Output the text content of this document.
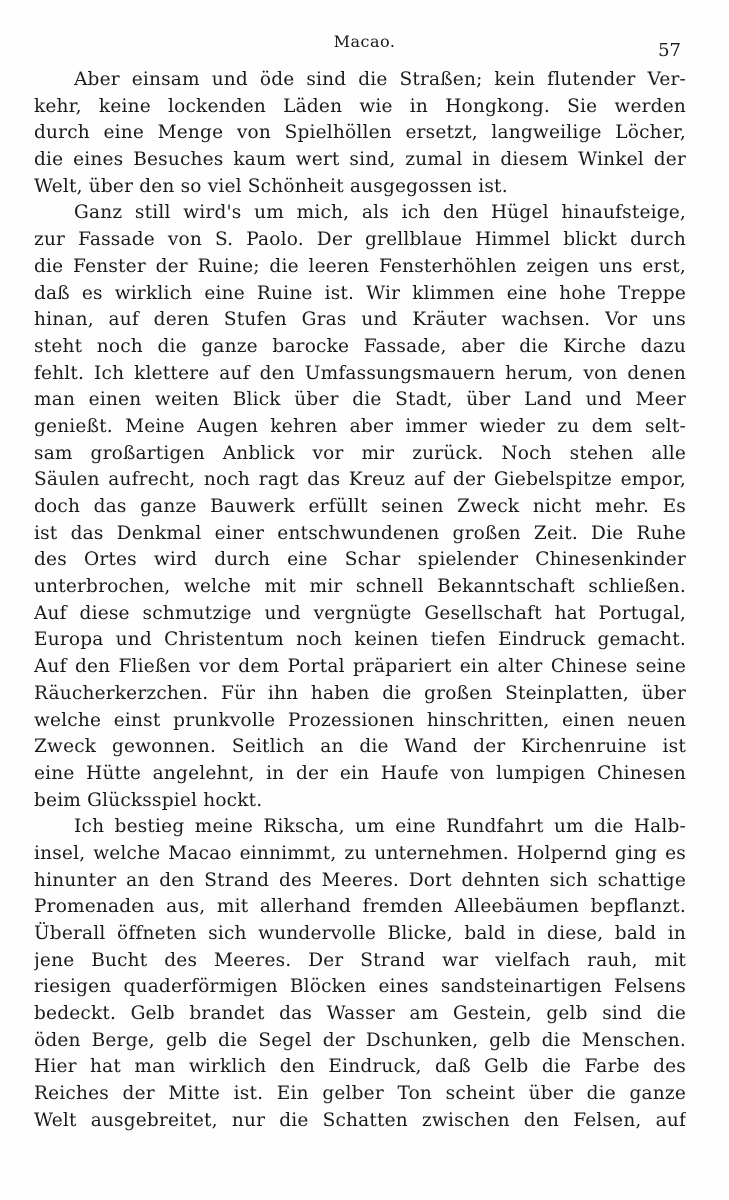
Macao.	57
Aber einsam und öde sind die Straßen; kein flutender Ver-
kehr, keine lockenden Läden wie in Hongkong. Sie werden
durch eine Menge von Spielhöllen ersetzt, langweilige Löcher,
die eines Besuches kaum wert sind, zumal in diesem Winkel der
Welt, über den so viel Schönheit ausgegossen ist.
Ganz still wird's um mich, als ich den Hügel hinaufsteige,
zur Fassade von S. Paolo. Der grellblaue Himmel blickt durch
die Fenster der Ruine; die leeren Fensterhöhlen zeigen uns erst,
daß es wirklich eine Ruine ist. Wir klimmen eine hohe Treppe
hinan, auf deren Stufen Gras und Kräuter wachsen. Vor uns
steht noch die ganze barocke Fassade, aber die Kirche dazu
fehlt. Ich klettere auf den Umfassungsmauern herum, von denen
man einen weiten Blick über die Stadt, über Land und Meer
genießt. Meine Augen kehren aber immer wieder zu dem selt-
sam großartigen Anblick vor mir zurück. Noch stehen alle
Säulen aufrecht, noch ragt das Kreuz auf der Giebelspitze empor,
doch das ganze Bauwerk erfüllt seinen Zweck nicht mehr. Es
ist das Denkmal einer entschwundenen großen Zeit. Die Ruhe
des Ortes wird durch eine Schar spielender Chinesenkinder
unterbrochen, welche mit mir schnell Bekanntschaft schließen.
Auf diese schmutzige und vergnügte Gesellschaft hat Portugal,
Europa und Christentum noch keinen tiefen Eindruck gemacht.
Auf den Fließen vor dem Portal präpariert ein alter Chinese seine
Räucherkerzchen. Für ihn haben die großen Steinplatten, über
welche einst prunkvolle Prozessionen hinschritten, einen neuen
Zweck gewonnen. Seitlich an die Wand der Kirchenruine ist
eine Hütte angelehnt, in der ein Haufe von lumpigen Chinesen
beim Glücksspiel hockt.
Ich bestieg meine Rikscha, um eine Rundfahrt um die Halb-
insel, welche Macao einnimmt, zu unternehmen. Holpernd ging es
hinunter an den Strand des Meeres. Dort dehnten sich schattige
Promenaden aus, mit allerhand fremden Alleebäumen bepflanzt.
Überall öffneten sich wundervolle Blicke, bald in diese, bald in
jene Bucht des Meeres. Der Strand war vielfach rauh, mit
riesigen quaderförmigen Blöcken eines sandsteinartigen Felsens
bedeckt. Gelb brandet das Wasser am Gestein, gelb sind die
öden Berge, gelb die Segel der Dschunken, gelb die Menschen.
Hier hat man wirklich den Eindruck, daß Gelb die Farbe des
Reiches der Mitte ist. Ein gelber Ton scheint über die ganze
Welt ausgebreitet, nur die Schatten zwischen den Felsen, auf
